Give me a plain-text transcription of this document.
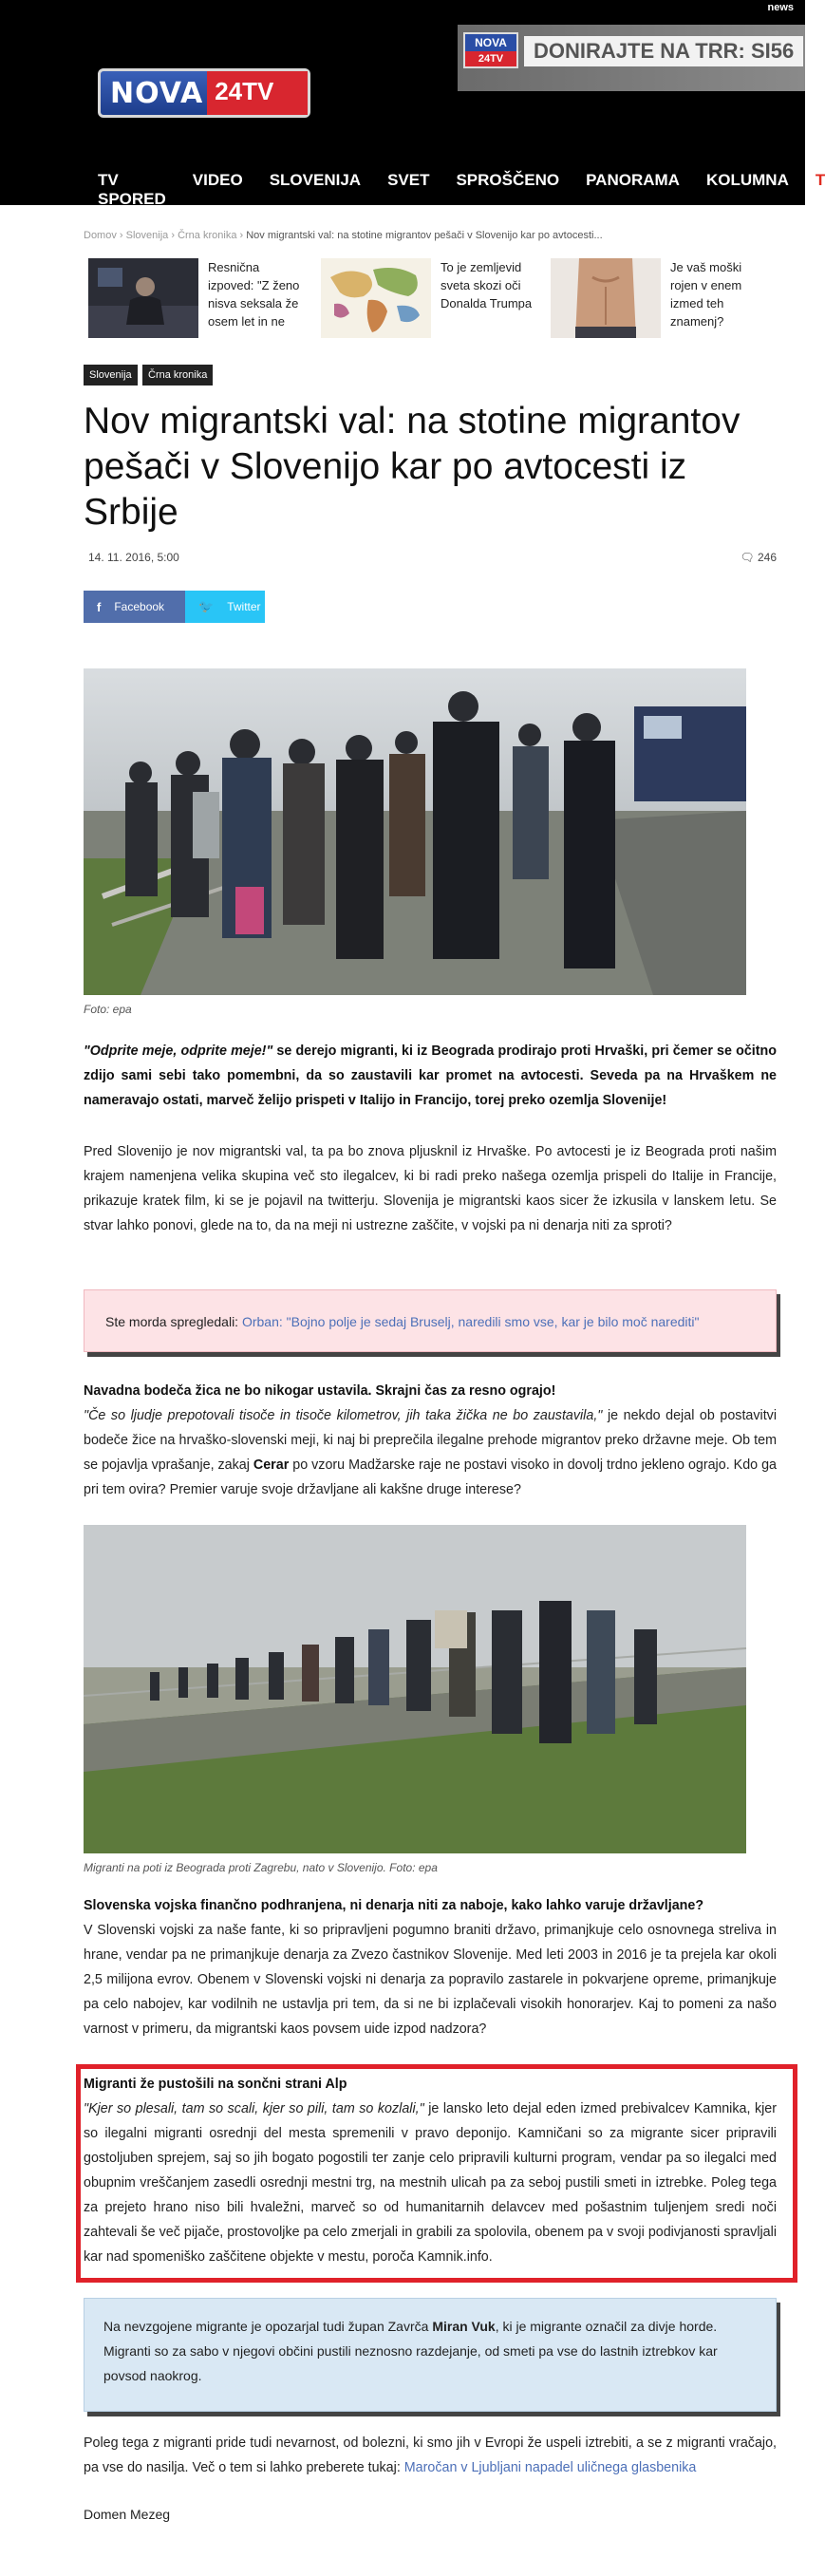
news
NOVA 24TV
NOVA
24TV	DONIRAJTE NA TRR: SI56
TV SPORED
VIDEO SLOVENIJA SVET SPROŠČENO PANORAMA KOLUMNA T
Domov › Slovenija › Črna kronika › Nov migrantski val: na stotine migrantov pešači v Slovenijo kar po avtocesti...
Resnična izpoved: "Z ženo nisva seksala že osem let in ne
To je zemljevid sveta skozi oči Donalda Trumpa
Je vaš moški rojen v enem izmed teh znamenj?
Slovenija	Črna kronika
Nov migrantski val: na stotine migrantov pešači v Slovenijo kar po avtocesti iz Srbije
14. 11. 2016, 5:00	🗨 246
f Facebook	🐦 Twitter
Foto: epa
"Odprite meje, odprite meje!" se derejo migranti, ki iz Beograda prodirajo proti Hrvaški, pri čemer se očitno zdijo sami sebi tako pomembni, da so zaustavili kar promet na avtocesti. Seveda pa na Hrvaškem ne nameravajo ostati, marveč želijo prispeti v Italijo in Francijo, torej preko ozemlja Slovenije!
Pred Slovenijo je nov migrantski val, ta pa bo znova pljusknil iz Hrvaške. Po avtocesti je iz Beograda proti našim krajem namenjena velika skupina več sto ilegalcev, ki bi radi preko našega ozemlja prispeli do Italije in Francije, prikazuje kratek film, ki se je pojavil na twitterju. Slovenija je migrantski kaos sicer že izkusila v lanskem letu. Se stvar lahko ponovi, glede na to, da na meji ni ustrezne zaščite, v vojski pa ni denarja niti za sproti?
Ste morda spregledali: Orban: "Bojno polje je sedaj Bruselj, naredili smo vse, kar je bilo moč narediti"
Navadna bodeča žica ne bo nikogar ustavila. Skrajni čas za resno ograjo!
"Če so ljudje prepotovali tisoče in tisoče kilometrov, jih taka žička ne bo zaustavila," je nekdo dejal ob postavitvi bodeče žice na hrvaško-slovenski meji, ki naj bi preprečila ilegalne prehode migrantov preko državne meje. Ob tem se pojavlja vprašanje, zakaj Cerar po vzoru Madžarske raje ne postavi visoko in dovolj trdno jekleno ograjo. Kdo ga pri tem ovira? Premier varuje svoje državljane ali kakšne druge interese?
Migranti na poti iz Beograda proti Zagrebu, nato v Slovenijo. Foto: epa
Slovenska vojska finančno podhranjena, ni denarja niti za naboje, kako lahko varuje državljane?
V Slovenski vojski za naše fante, ki so pripravljeni pogumno braniti državo, primanjkuje celo osnovnega streliva in hrane, vendar pa ne primanjkuje denarja za Zvezo častnikov Slovenije. Med leti 2003 in 2016 je ta prejela kar okoli 2,5 milijona evrov. Obenem v Slovenski vojski ni denarja za popravilo zastarele in pokvarjene opreme, primanjkuje pa celo nabojev, kar vodilnih ne ustavlja pri tem, da si ne bi izplačevali visokih honorarjev. Kaj to pomeni za našo varnost v primeru, da migrantski kaos povsem uide izpod nadzora?
Migranti že pustošili na sončni strani Alp
"Kjer so plesali, tam so scali, kjer so pili, tam so kozlali," je lansko leto dejal eden izmed prebivalcev Kamnika, kjer so ilegalni migranti osrednji del mesta spremenili v pravo deponijo. Kamničani so za migrante sicer pripravili gostoljuben sprejem, saj so jih bogato pogostili ter zanje celo pripravili kulturni program, vendar pa so ilegalci med obupnim vreščanjem zasedli osrednji mestni trg, na mestnih ulicah pa za seboj pustili smeti in iztrebke. Poleg tega za prejeto hrano niso bili hvaležni, marveč so od humanitarnih delavcev med pošastnim tuljenjem sredi noči zahtevali še več pijače, prostovoljke pa celo zmerjali in grabili za spolovila, obenem pa v svoji podivjanosti spravljali kar nad spomeniško zaščitene objekte v mestu, poroča Kamnik.info.
Na nevzgojene migrante je opozarjal tudi župan Zavrča Miran Vuk, ki je migrante označil za divje horde. Migranti so za sabo v njegovi občini pustili neznosno razdejanje, od smeti pa vse do lastnih iztrebkov kar povsod naokrog.
Poleg tega z migranti pride tudi nevarnost, od bolezni, ki smo jih v Evropi že uspeli iztrebiti, a se z migranti vračajo, pa vse do nasilja. Več o tem si lahko preberete tukaj: Maročan v Ljubljani napadel uličnega glasbenika
Domen Mezeg
